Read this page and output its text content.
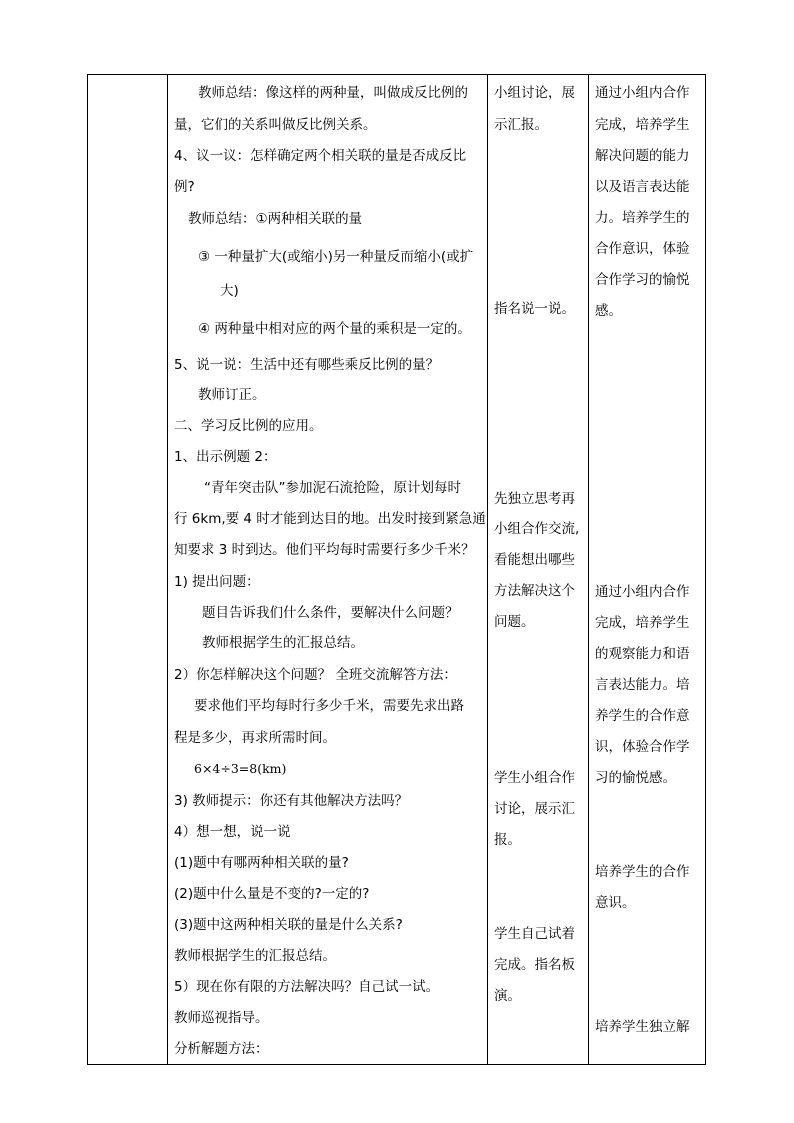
教师总结：像这样的两种量，叫做成反比例的
量，它们的关系叫做反比例关系。
4、议一议：怎样确定两个相关联的量是否成反比
例?
教师总结：①两种相关联的量
③ 一种量扩大(或缩小)另一种量反而缩小(或扩
大)
④ 两种量中相对应的两个量的乘积是一定的。
5、说一说：生活中还有哪些乘反比例的量？
教师订正。
二、学习反比例的应用。
1、出示例题 2：
“青年突击队”参加泥石流抢险，原计划每时
行 6km,要 4 时才能到达目的地。出发时接到紧急通
知要求 3 时到达。他们平均每时需要行多少千米？
1) 提出问题：
题目告诉我们什么条件，要解决什么问题？
教师根据学生的汇报总结。
2）你怎样解决这个问题？ 全班交流解答方法：
要求他们平均每时行多少千米，需要先求出路
程是多少，再求所需时间。
6×4÷3=8(km)
3) 教师提示：你还有其他解决方法吗？
4）想一想，说一说
(1)题中有哪两种相关联的量?
(2)题中什么量是不变的?一定的?
(3)题中这两种相关联的量是什么关系?
教师根据学生的汇报总结。
5）现在你有限的方法解决吗？自己试一试。
教师巡视指导。
分析解题方法：
小组讨论，展
示汇报。
指名说一说。
先独立思考再
小组合作交流,
看能想出哪些
方法解决这个
问题。
学生小组合作
讨论，展示汇
报。
学生自己试着
完成。指名板
演。
通过小组内合作
完成，培养学生
解决问题的能力
以及语言表达能
力。培养学生的
合作意识，体验
合作学习的愉悦
感。
通过小组内合作
完成，培养学生
的观察能力和语
言表达能力。培
养学生的合作意
识，体验合作学
习的愉悦感。
培养学生的合作
意识。
培养学生独立解
